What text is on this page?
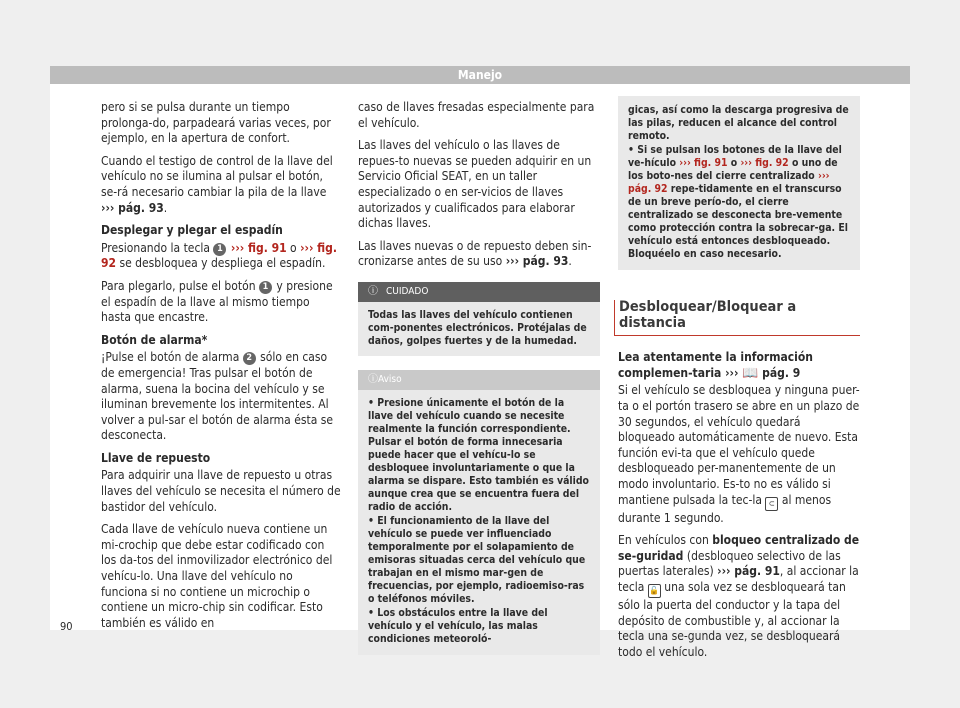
Manejo

pero si se pulsa durante un tiempo prolonga-do, parpadeará varias veces, por ejemplo, en la apertura de confort.

Cuando el testigo de control de la llave del vehículo no se ilumina al pulsar el botón, se-rá necesario cambiar la pila de la llave ››› pág. 93.

Desplegar y plegar el espadín

Presionando la tecla 1 ››› fig. 91 o ››› fig. 92 se desbloquea y despliega el espadín.

Para plegarlo, pulse el botón 1 y presione el espadín de la llave al mismo tiempo hasta que encastre.

Botón de alarma*

¡Pulse el botón de alarma 2 sólo en caso de emergencia! Tras pulsar el botón de alarma, suena la bocina del vehículo y se iluminan brevemente los intermitentes. Al volver a pul-sar el botón de alarma ésta se desconecta.

Llave de repuesto

Para adquirir una llave de repuesto u otras llaves del vehículo se necesita el número de bastidor del vehículo.

Cada llave de vehículo nueva contiene un mi-crochip que debe estar codificado con los da-tos del inmovilizador electrónico del vehícu-lo. Una llave del vehículo no funciona si no contiene un microchip o contiene un micro-chip sin codificar. Esto también es válido en

caso de llaves fresadas especialmente para el vehículo.

Las llaves del vehículo o las llaves de repues-to nuevas se pueden adquirir en un Servicio Oficial SEAT, en un taller especializado o en ser-vicios de llaves autorizados y cualificados para elaborar dichas llaves.

Las llaves nuevas o de repuesto deben sin-cronizarse antes de su uso ››› pág. 93.

ⓘ CUIDADO
Todas las llaves del vehículo contienen com-ponentes electrónicos. Protéjalas de daños, golpes fuertes y de la humedad.
ⓘAviso

• Presione únicamente el botón de la llave del vehículo cuando se necesite realmente la función correspondiente. Pulsar el botón de forma innecesaria puede hacer que el vehícu-lo se desbloquee involuntariamente o que la alarma se dispare. Esto también es válido aunque crea que se encuentra fuera del radio de acción.

• El funcionamiento de la llave del vehículo se puede ver influenciado temporalmente por el solapamiento de emisoras situadas cerca del vehículo que trabajan en el mismo mar-gen de frecuencias, por ejemplo, radioemiso-ras o teléfonos móviles.

• Los obstáculos entre la llave del vehículo y el vehículo, las malas condiciones meteoroló-

gicas, así como la descarga progresiva de las pilas, reducen el alcance del control remoto.

• Si se pulsan los botones de la llave del ve-hículo ››› fig. 91 o ››› fig. 92 o uno de los boto-nes del cierre centralizado ››› pág. 92 repe-tidamente en el transcurso de un breve perío-do, el cierre centralizado se desconecta bre-vemente como protección contra la sobrecar-ga. El vehículo está entonces desbloqueado. Bloquéelo en caso necesario.

Desbloquear/Bloquear a distancia

Lea atentamente la información complemen-taria ››› 📖 pág. 9

Si el vehículo se desbloquea y ninguna puer-ta o el portón trasero se abre en un plazo de 30 segundos, el vehículo quedará bloqueado automáticamente de nuevo. Esta función evi-ta que el vehículo quede desbloqueado per-manentemente de un modo involuntario. Es-to no es válido si mantiene pulsada la tec-la ⊂ al menos durante 1 segundo.

En vehículos con bloqueo centralizado de se-guridad (desbloqueo selectivo de las puertas laterales) ››› pág. 91, al accionar la tecla 🔓 una sola vez se desbloqueará tan sólo la puerta del conductor y la tapa del depósito de combustible y, al accionar la tecla una se-gunda vez, se desbloqueará todo el vehículo.

90
